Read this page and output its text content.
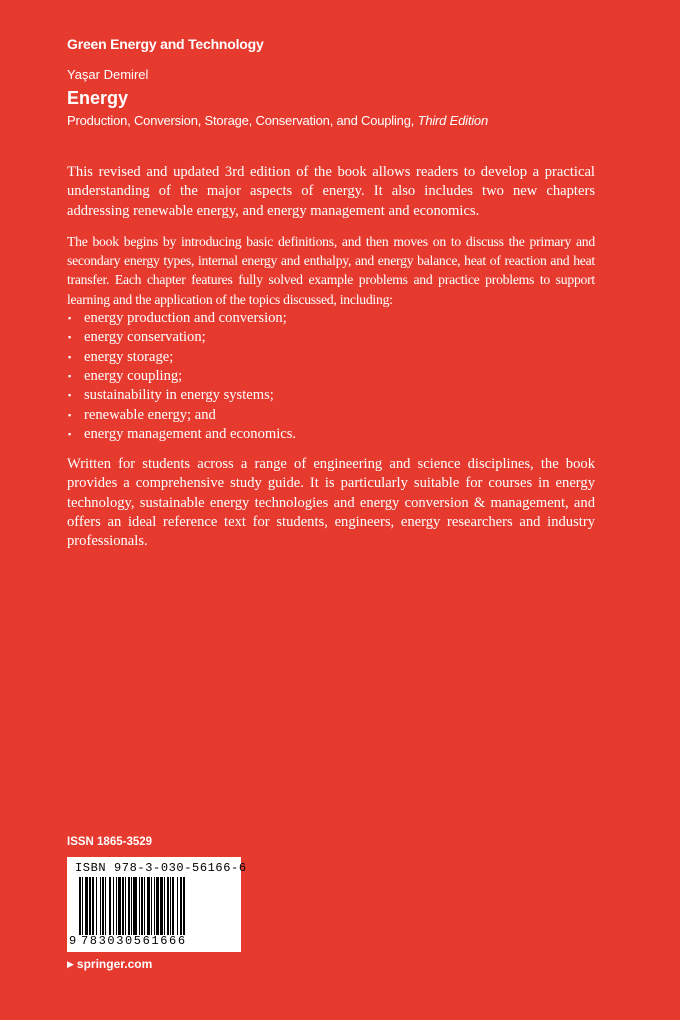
Green Energy and Technology
Yaşar Demirel
Energy
Production, Conversion, Storage, Conservation, and Coupling, Third Edition

This revised and updated 3rd edition of the book allows readers to develop a practical understanding of the major aspects of energy. It also includes two new chapters addressing renewable energy, and energy management and economics.

The book begins by introducing basic definitions, and then moves on to discuss the primary and secondary energy types, internal energy and enthalpy, and energy balance, heat of reaction and heat transfer. Each chapter features fully solved example problems and practice problems to support learning and the application of the topics discussed, including:

▪ energy production and conversion;
▪ energy conservation;
▪ energy storage;
▪ energy coupling;
▪ sustainability in energy systems;
▪ renewable energy; and
▪ energy management and economics.

Written for students across a range of engineering and science disciplines, the book provides a comprehensive study guide. It is particularly suitable for courses in energy technology, sustainable energy technologies and energy conversion & management, and offers an ideal reference text for students, engineers, energy researchers and industry professionals.

ISSN 1865-3529
ISBN 978-3-030-56166-6
9 783030561666
▶ springer.com
